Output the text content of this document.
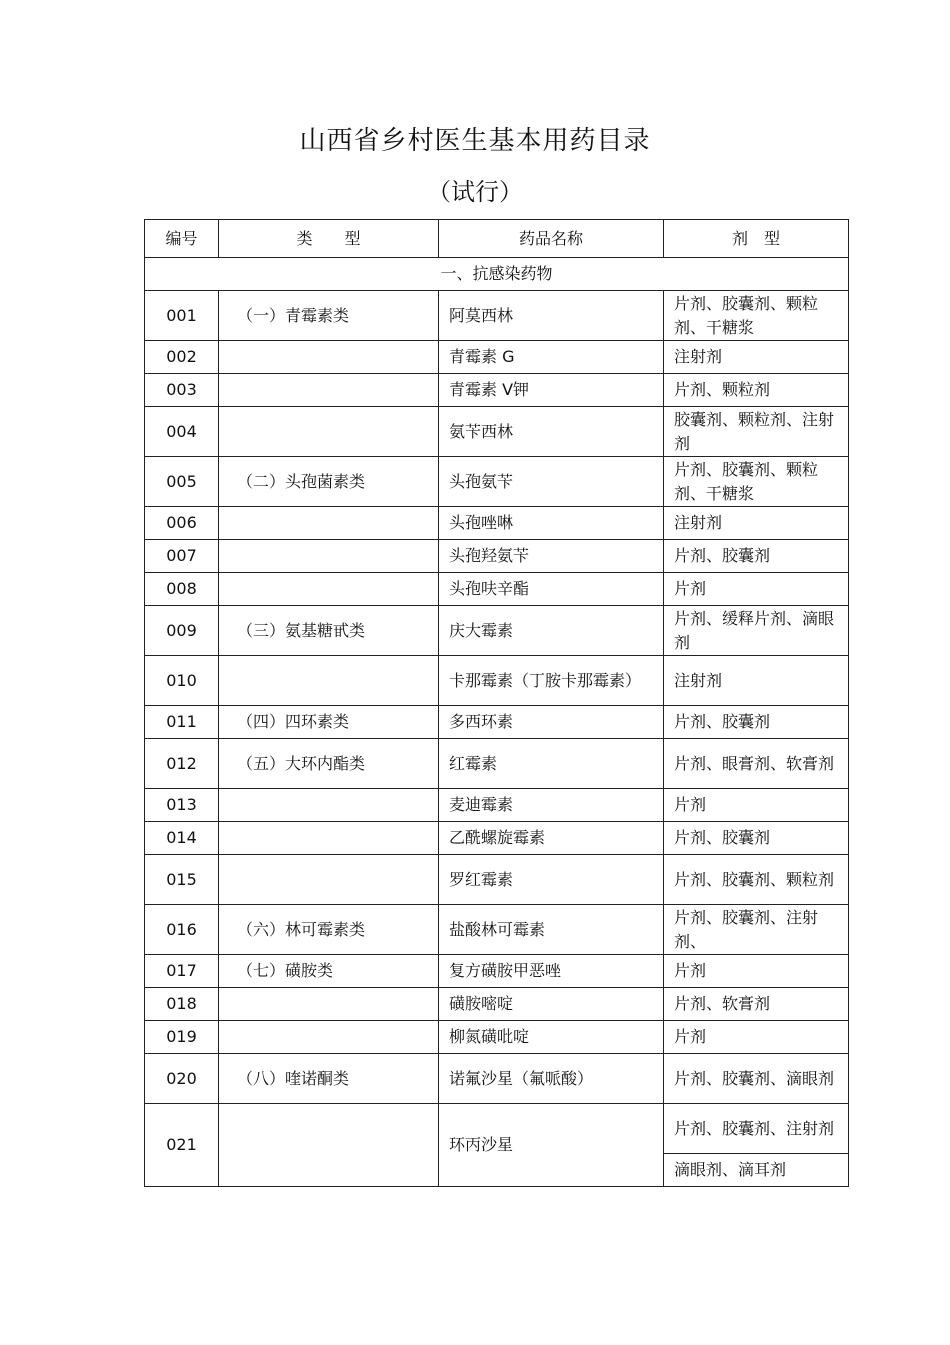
山西省乡村医生基本用药目录
（试行）
编号	类　　型	药品名称	剂　型
一、抗感染药物			
001	（一）青霉素类	阿莫西林	片剂、胶囊剂、颗粒剂、干糖浆
002		青霉素 G	注射剂
003		青霉素 V钾	片剂、颗粒剂
004		氨苄西林	胶囊剂、颗粒剂、注射剂
005	（二）头孢菌素类	头孢氨苄	片剂、胶囊剂、颗粒剂、干糖浆
006		头孢唑啉	注射剂
007		头孢羟氨苄	片剂、胶囊剂
008		头孢呋辛酯	片剂
009	（三）氨基糖甙类	庆大霉素	片剂、缓释片剂、滴眼剂
010		卡那霉素（丁胺卡那霉素）	注射剂
011	（四）四环素类	多西环素	片剂、胶囊剂
012	（五）大环内酯类	红霉素	片剂、眼膏剂、软膏剂
013		麦迪霉素	片剂
014		乙酰螺旋霉素	片剂、胶囊剂
015		罗红霉素	片剂、胶囊剂、颗粒剂
016	（六）林可霉素类	盐酸林可霉素	片剂、胶囊剂、注射剂、
017	（七）磺胺类	复方磺胺甲恶唑	片剂
018		磺胺嘧啶	片剂、软膏剂
019		柳氮磺吡啶	片剂
020	（八）喹诺酮类	诺氟沙星（氟哌酸）	片剂、胶囊剂、滴眼剂
021		环丙沙星	片剂、胶囊剂、注射剂
			滴眼剂、滴耳剂
